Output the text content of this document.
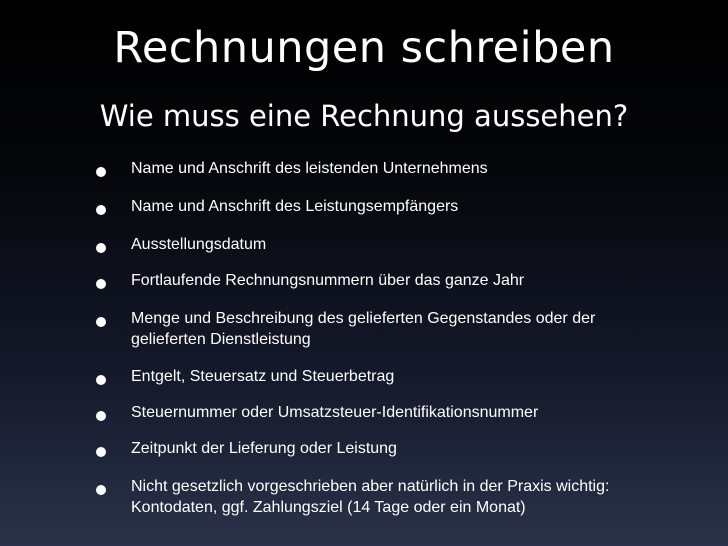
Rechnungen schreiben
Wie muss eine Rechnung aussehen?
Name und Anschrift des leistenden Unternehmens
Name und Anschrift des Leistungsempfängers
Ausstellungsdatum
Fortlaufende Rechnungsnummern über das ganze Jahr
Menge und Beschreibung des gelieferten Gegenstandes oder der gelieferten Dienstleistung
Entgelt, Steuersatz und Steuerbetrag
Steuernummer oder Umsatzsteuer-Identifikationsnummer
Zeitpunkt der Lieferung oder Leistung
Nicht gesetzlich vorgeschrieben aber natürlich in der Praxis wichtig: Kontodaten, ggf. Zahlungsziel (14 Tage oder ein Monat)
